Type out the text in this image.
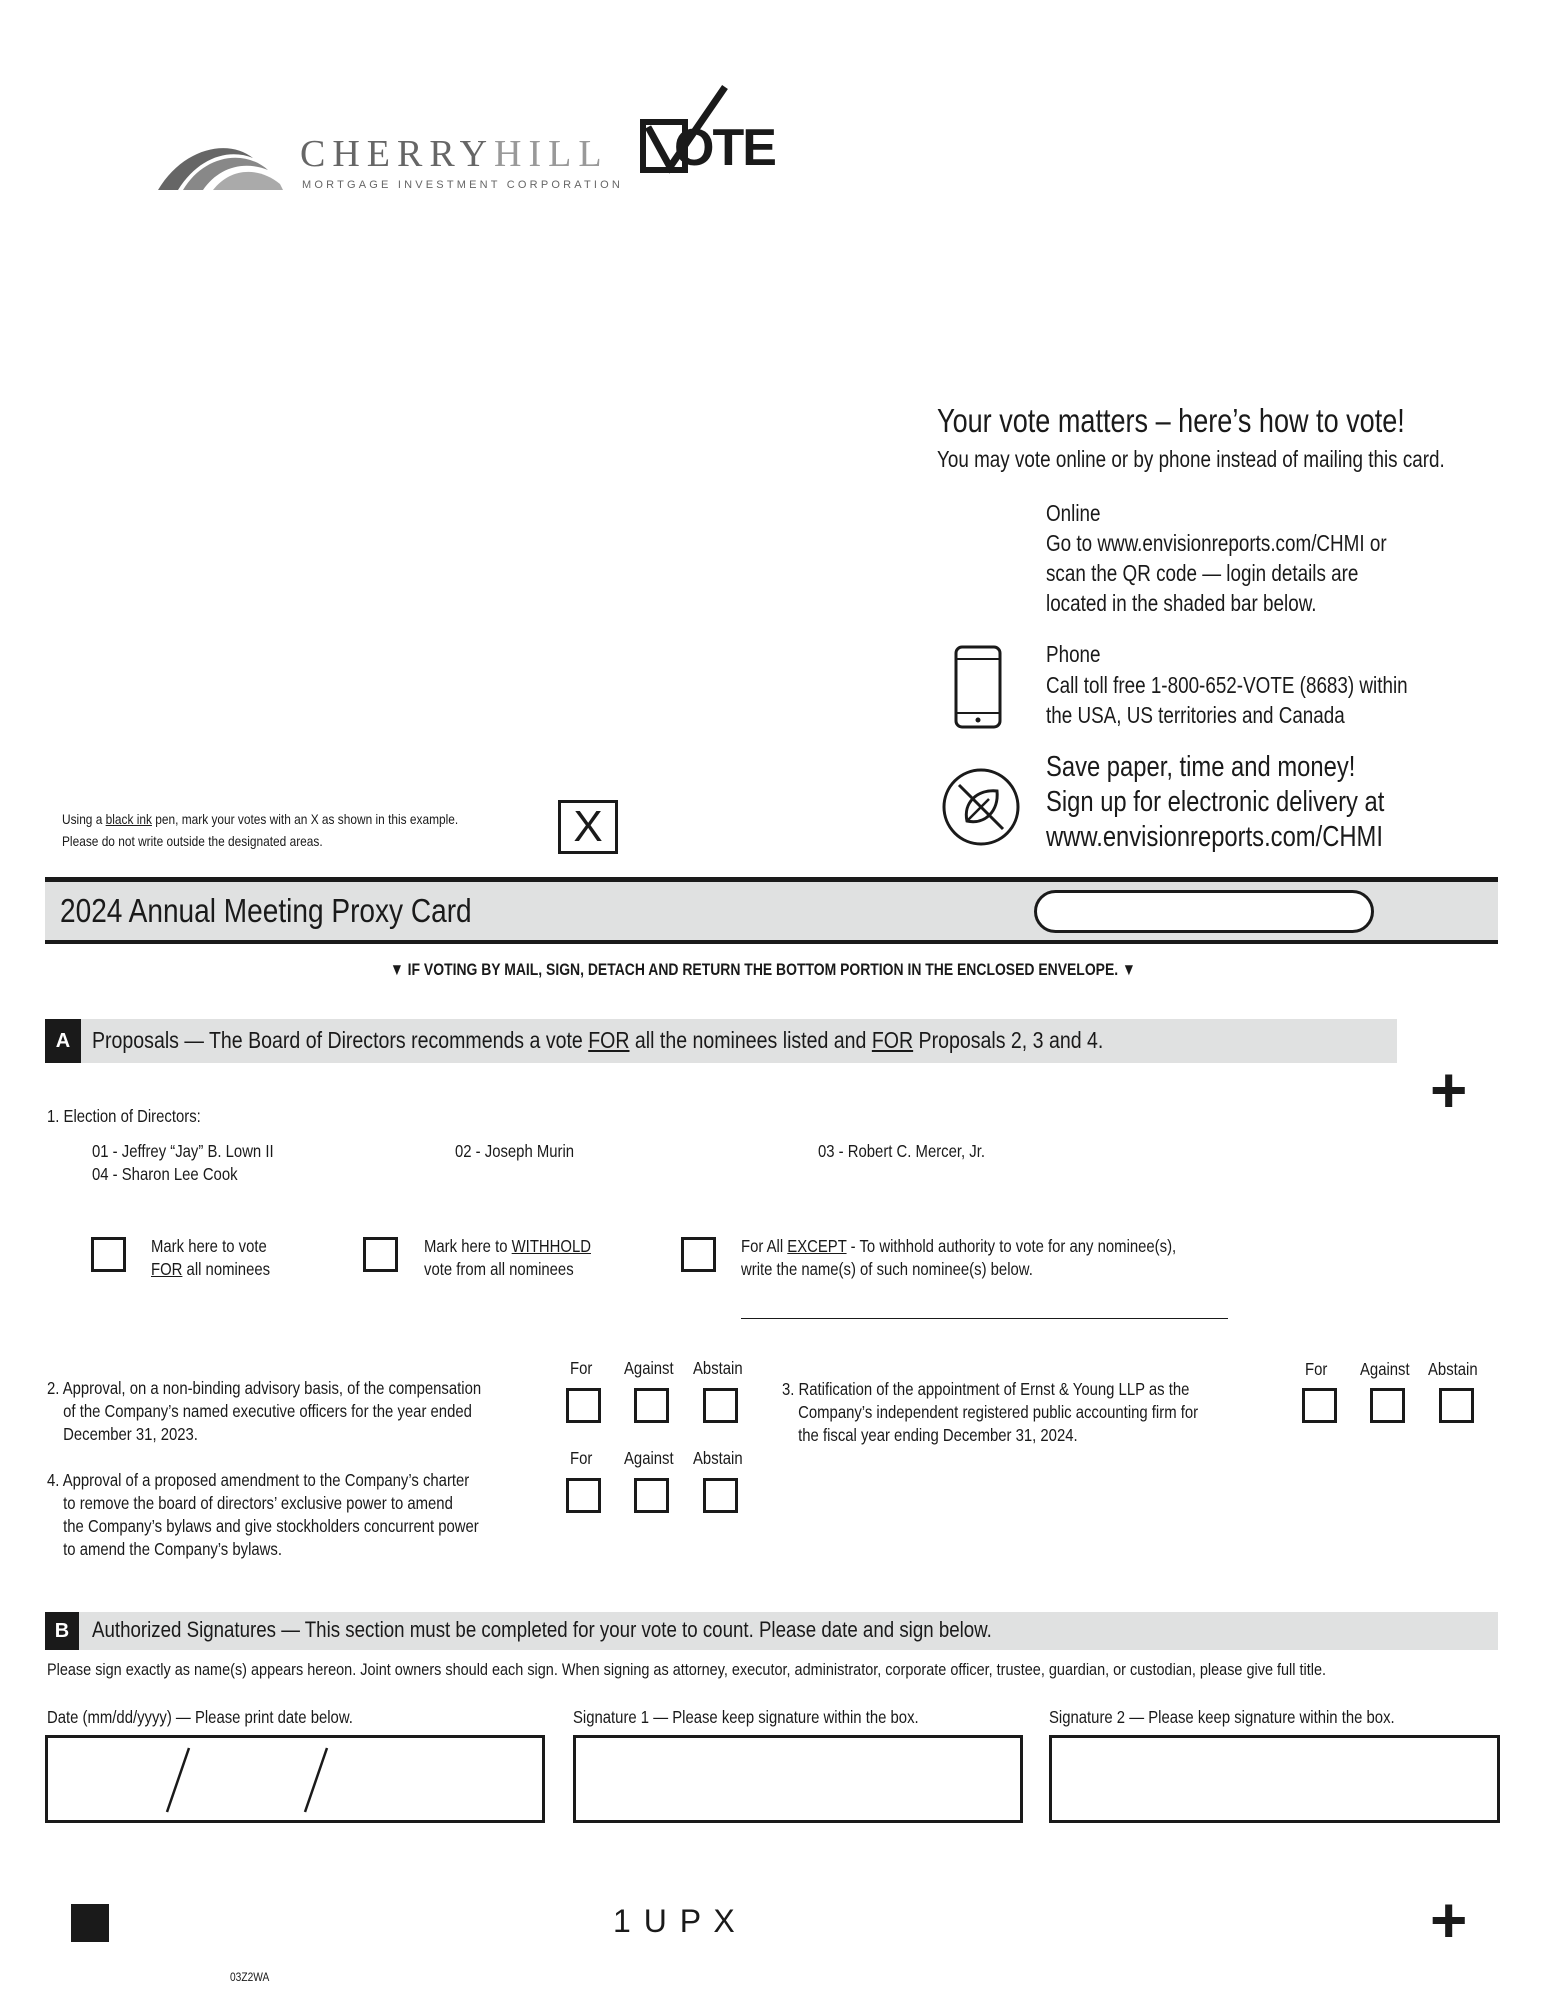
CHERRYHILL
MORTGAGE INVESTMENT CORPORATION
OTE
Your vote matters – here’s how to vote!
You may vote online or by phone instead of mailing this card.
Online
Go to www.envisionreports.com/CHMI or
scan the QR code — login details are
located in the shaded bar below.
Phone
Call toll free 1-800-652-VOTE (8683) within
the USA, US territories and Canada
Save paper, time and money!
Sign up for electronic delivery at
www.envisionreports.com/CHMI
Using a black ink pen, mark your votes with an X as shown in this example.
Please do not write outside the designated areas.	X
2024 Annual Meeting Proxy Card
▼ IF VOTING BY MAIL, SIGN, DETACH AND RETURN THE BOTTOM PORTION IN THE ENCLOSED ENVELOPE. ▼
A Proposals — The Board of Directors recommends a vote FOR all the nominees listed and FOR Proposals 2, 3 and 4.
+
1. Election of Directors:
01 - Jeffrey “Jay” B. Lown II	02 - Joseph Murin	03 - Robert C. Mercer, Jr.
04 - Sharon Lee Cook
Mark here to vote
FOR all nominees
Mark here to WITHHOLD
vote from all nominees
For All EXCEPT - To withhold authority to vote for any nominee(s),
write the name(s) of such nominee(s) below.
For Against Abstain
2. Approval, on a non-binding advisory basis, of the compensation
of the Company’s named executive officers for the year ended
December 31, 2023.
For Against Abstain
3. Ratification of the appointment of Ernst & Young LLP as the
Company’s independent registered public accounting firm for
the fiscal year ending December 31, 2024.
For Against Abstain
4. Approval of a proposed amendment to the Company’s charter
to remove the board of directors’ exclusive power to amend
the Company’s bylaws and give stockholders concurrent power
to amend the Company’s bylaws.
B	Authorized Signatures — This section must be completed for your vote to count. Please date and sign below.
Please sign exactly as name(s) appears hereon. Joint owners should each sign. When signing as attorney, executor, administrator, corporate officer, trustee, guardian, or custodian, please give full title.
Date (mm/dd/yyyy) — Please print date below.	Signature 1 — Please keep signature within the box.	Signature 2 — Please keep signature within the box.
1 U P X	+
03Z2WA
